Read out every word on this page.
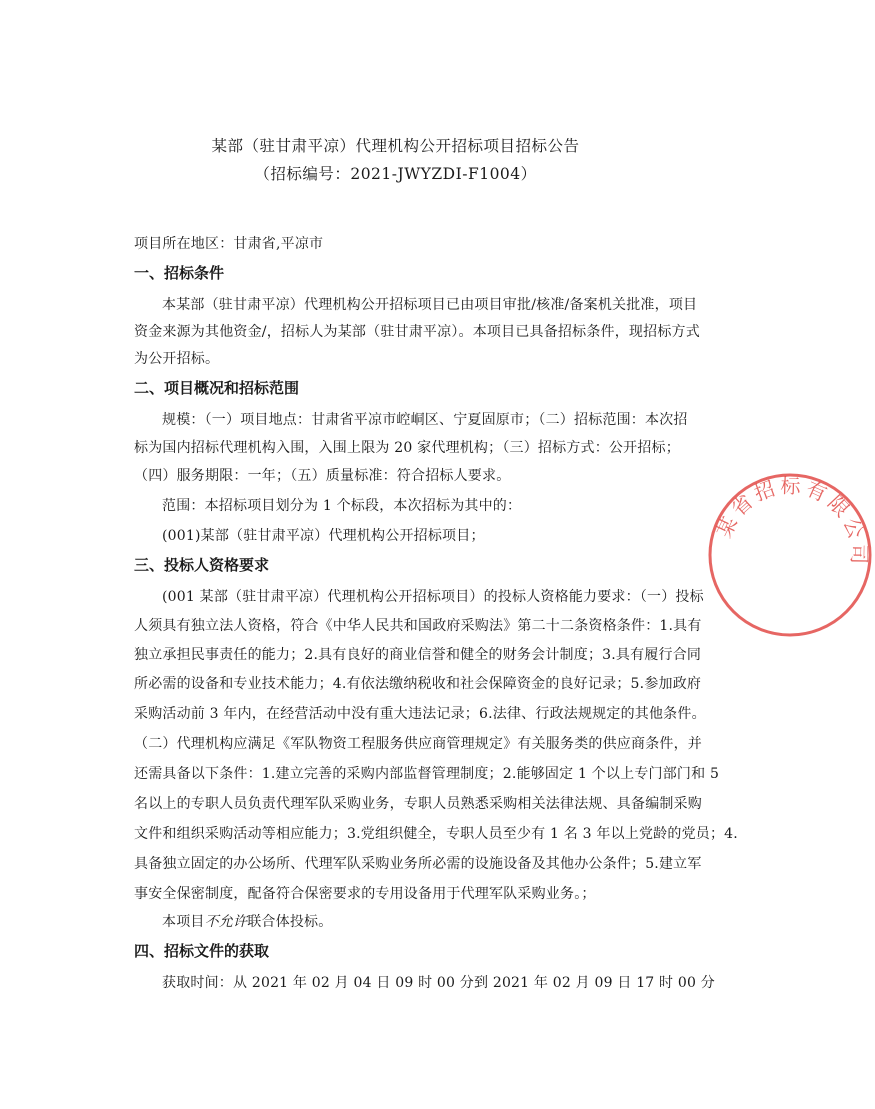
某部（驻甘肃平凉）代理机构公开招标项目招标公告
（招标编号：2021-JWYZDI-F1004）
项目所在地区：甘肃省,平凉市
一、招标条件
本某部（驻甘肃平凉）代理机构公开招标项目已由项目审批/核准/备案机关批准，项目
资金来源为其他资金/，招标人为某部（驻甘肃平凉）。本项目已具备招标条件，现招标方式
为公开招标。
二、项目概况和招标范围
规模：（一）项目地点：甘肃省平凉市崆峒区、宁夏固原市；（二）招标范围：本次招
标为国内招标代理机构入围，入围上限为 20 家代理机构；（三）招标方式：公开招标；
（四）服务期限：一年；（五）质量标准：符合招标人要求。
范围：本招标项目划分为 1 个标段，本次招标为其中的：
(001)某部（驻甘肃平凉）代理机构公开招标项目；
三、投标人资格要求
(001 某部（驻甘肃平凉）代理机构公开招标项目）的投标人资格能力要求：（一）投标
人须具有独立法人资格，符合《中华人民共和国政府采购法》第二十二条资格条件：1.具有
独立承担民事责任的能力；2.具有良好的商业信誉和健全的财务会计制度；3.具有履行合同
所必需的设备和专业技术能力；4.有依法缴纳税收和社会保障资金的良好记录；5.参加政府
采购活动前 3 年内，在经营活动中没有重大违法记录；6.法律、行政法规规定的其他条件。
（二）代理机构应满足《军队物资工程服务供应商管理规定》有关服务类的供应商条件，并
还需具备以下条件：1.建立完善的采购内部监督管理制度；2.能够固定 1 个以上专门部门和 5
名以上的专职人员负责代理军队采购业务，专职人员熟悉采购相关法律法规、具备编制采购
文件和组织采购活动等相应能力；3.党组织健全，专职人员至少有 1 名 3 年以上党龄的党员；4.
具备独立固定的办公场所、代理军队采购业务所必需的设施设备及其他办公条件；5.建立军
事安全保密制度，配备符合保密要求的专用设备用于代理军队采购业务。；
本项目不允许联合体投标。
四、招标文件的获取
获取时间：从 2021 年 02 月 04 日 09 时 00 分到 2021 年 02 月 09 日 17 时 00 分
某省招标有限公司
